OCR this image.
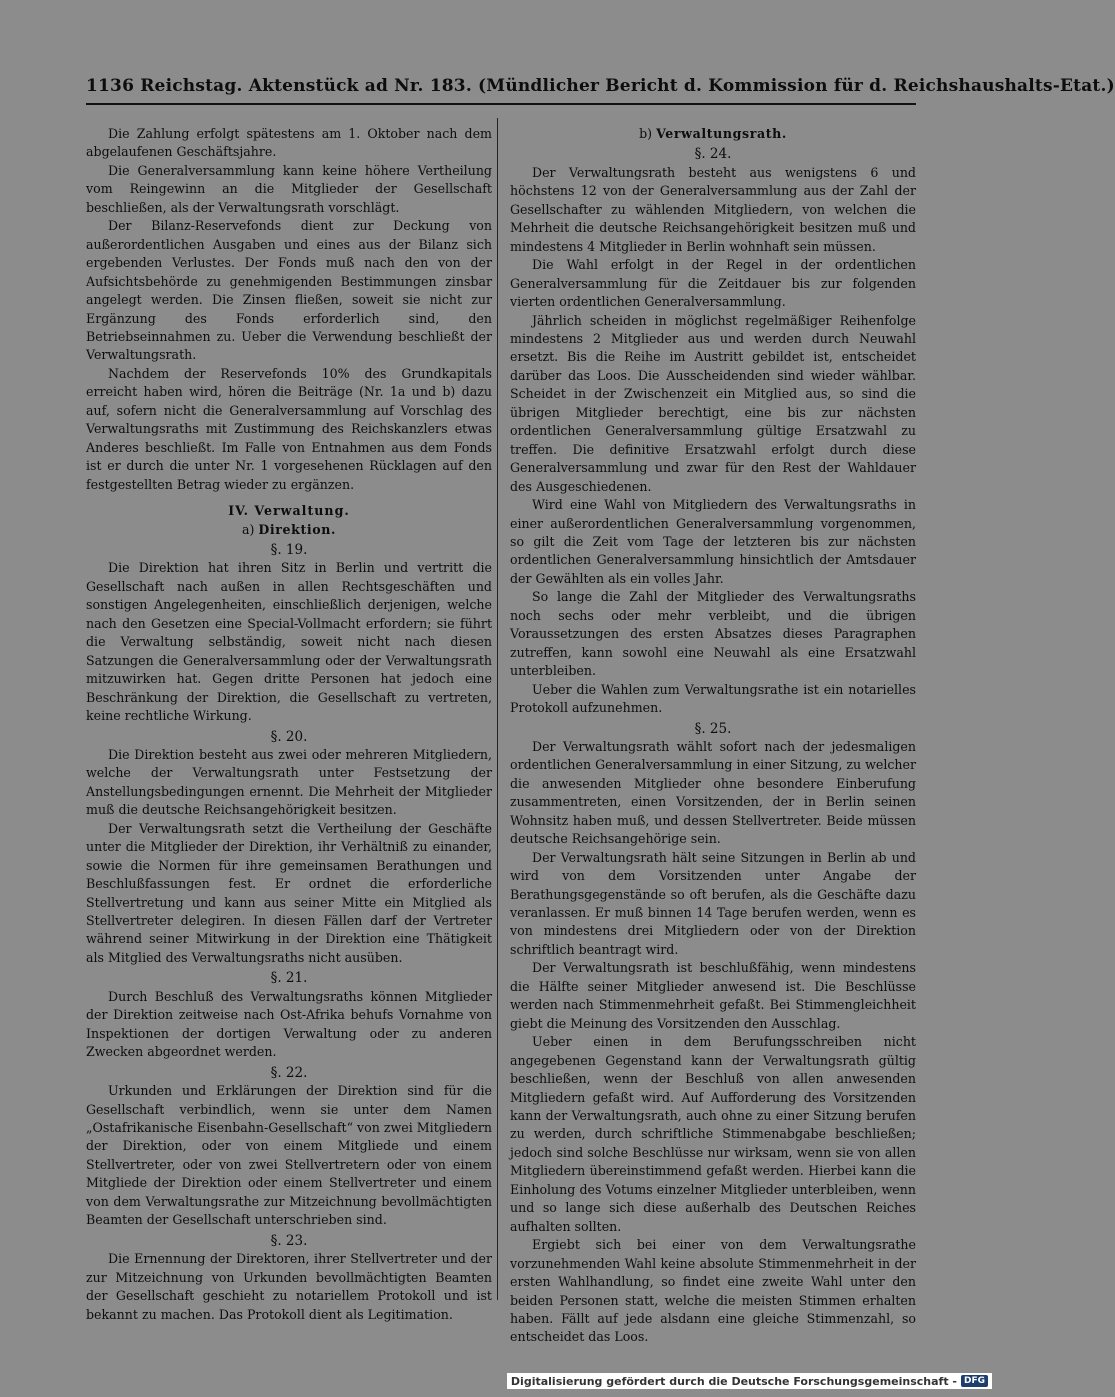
1136 Reichstag. Aktenstück ad Nr. 183. (Mündlicher Bericht d. Kommission für d. Reichshaushalts-Etat.)

Die Zahlung erfolgt spätestens am 1. Oktober nach dem abgelaufenen Geschäftsjahre.

Die Generalversammlung kann keine höhere Vertheilung vom Reingewinn an die Mitglieder der Gesellschaft beschließen, als der Verwaltungsrath vorschlägt.

Der Bilanz-Reservefonds dient zur Deckung von außerordentlichen Ausgaben und eines aus der Bilanz sich ergebenden Verlustes. Der Fonds muß nach den von der Aufsichtsbehörde zu genehmigenden Bestimmungen zinsbar angelegt werden. Die Zinsen fließen, soweit sie nicht zur Ergänzung des Fonds erforderlich sind, den Betriebseinnahmen zu. Ueber die Verwendung beschließt der Verwaltungsrath.

Nachdem der Reservefonds 10% des Grundkapitals erreicht haben wird, hören die Beiträge (Nr. 1a und b) dazu auf, sofern nicht die Generalversammlung auf Vorschlag des Verwaltungsraths mit Zustimmung des Reichskanzlers etwas Anderes beschließt. Im Falle von Entnahmen aus dem Fonds ist er durch die unter Nr. 1 vorgesehenen Rücklagen auf den festgestellten Betrag wieder zu ergänzen.

IV. Verwaltung.

a) Direktion.

§. 19.

Die Direktion hat ihren Sitz in Berlin und vertritt die Gesellschaft nach außen in allen Rechtsgeschäften und sonstigen Angelegenheiten, einschließlich derjenigen, welche nach den Gesetzen eine Special-Vollmacht erfordern; sie führt die Verwaltung selbständig, soweit nicht nach diesen Satzungen die Generalversammlung oder der Verwaltungsrath mitzuwirken hat. Gegen dritte Personen hat jedoch eine Beschränkung der Direktion, die Gesellschaft zu vertreten, keine rechtliche Wirkung.

§. 20.

Die Direktion besteht aus zwei oder mehreren Mitgliedern, welche der Verwaltungsrath unter Festsetzung der Anstellungsbedingungen ernennt. Die Mehrheit der Mitglieder muß die deutsche Reichsangehörigkeit besitzen.

Der Verwaltungsrath setzt die Vertheilung der Geschäfte unter die Mitglieder der Direktion, ihr Verhältniß zu einander, sowie die Normen für ihre gemeinsamen Berathungen und Beschlußfassungen fest. Er ordnet die erforderliche Stellvertretung und kann aus seiner Mitte ein Mitglied als Stellvertreter delegiren. In diesen Fällen darf der Vertreter während seiner Mitwirkung in der Direktion eine Thätigkeit als Mitglied des Verwaltungsraths nicht ausüben.

§. 21.

Durch Beschluß des Verwaltungsraths können Mitglieder der Direktion zeitweise nach Ost-Afrika behufs Vornahme von Inspektionen der dortigen Verwaltung oder zu anderen Zwecken abgeordnet werden.

§. 22.

Urkunden und Erklärungen der Direktion sind für die Gesellschaft verbindlich, wenn sie unter dem Namen „Ostafrikanische Eisenbahn-Gesellschaft“ von zwei Mitgliedern der Direktion, oder von einem Mitgliede und einem Stellvertreter, oder von zwei Stellvertretern oder von einem Mitgliede der Direktion oder einem Stellvertreter und einem von dem Verwaltungsrathe zur Mitzeichnung bevollmächtigten Beamten der Gesellschaft unterschrieben sind.

§. 23.

Die Ernennung der Direktoren, ihrer Stellvertreter und der zur Mitzeichnung von Urkunden bevollmächtigten Beamten der Gesellschaft geschieht zu notariellem Protokoll und ist bekannt zu machen. Das Protokoll dient als Legitimation.

b) Verwaltungsrath.

§. 24.

Der Verwaltungsrath besteht aus wenigstens 6 und höchstens 12 von der Generalversammlung aus der Zahl der Gesellschafter zu wählenden Mitgliedern, von welchen die Mehrheit die deutsche Reichsangehörigkeit besitzen muß und mindestens 4 Mitglieder in Berlin wohnhaft sein müssen.

Die Wahl erfolgt in der Regel in der ordentlichen Generalversammlung für die Zeitdauer bis zur folgenden vierten ordentlichen Generalversammlung.

Jährlich scheiden in möglichst regelmäßiger Reihenfolge mindestens 2 Mitglieder aus und werden durch Neuwahl ersetzt. Bis die Reihe im Austritt gebildet ist, entscheidet darüber das Loos. Die Ausscheidenden sind wieder wählbar. Scheidet in der Zwischenzeit ein Mitglied aus, so sind die übrigen Mitglieder berechtigt, eine bis zur nächsten ordentlichen Generalversammlung gültige Ersatzwahl zu treffen. Die definitive Ersatzwahl erfolgt durch diese Generalversammlung und zwar für den Rest der Wahldauer des Ausgeschiedenen.

Wird eine Wahl von Mitgliedern des Verwaltungsraths in einer außerordentlichen Generalversammlung vorgenommen, so gilt die Zeit vom Tage der letzteren bis zur nächsten ordentlichen Generalversammlung hinsichtlich der Amtsdauer der Gewählten als ein volles Jahr.

So lange die Zahl der Mitglieder des Verwaltungsraths noch sechs oder mehr verbleibt, und die übrigen Voraussetzungen des ersten Absatzes dieses Paragraphen zutreffen, kann sowohl eine Neuwahl als eine Ersatzwahl unterbleiben.

Ueber die Wahlen zum Verwaltungsrathe ist ein notarielles Protokoll aufzunehmen.

§. 25.

Der Verwaltungsrath wählt sofort nach der jedesmaligen ordentlichen Generalversammlung in einer Sitzung, zu welcher die anwesenden Mitglieder ohne besondere Einberufung zusammentreten, einen Vorsitzenden, der in Berlin seinen Wohnsitz haben muß, und dessen Stellvertreter. Beide müssen deutsche Reichsangehörige sein.

Der Verwaltungsrath hält seine Sitzungen in Berlin ab und wird von dem Vorsitzenden unter Angabe der Berathungsgegenstände so oft berufen, als die Geschäfte dazu veranlassen. Er muß binnen 14 Tage berufen werden, wenn es von mindestens drei Mitgliedern oder von der Direktion schriftlich beantragt wird.

Der Verwaltungsrath ist beschlußfähig, wenn mindestens die Hälfte seiner Mitglieder anwesend ist. Die Beschlüsse werden nach Stimmenmehrheit gefaßt. Bei Stimmengleichheit giebt die Meinung des Vorsitzenden den Ausschlag.

Ueber einen in dem Berufungsschreiben nicht angegebenen Gegenstand kann der Verwaltungsrath gültig beschließen, wenn der Beschluß von allen anwesenden Mitgliedern gefaßt wird. Auf Aufforderung des Vorsitzenden kann der Verwaltungsrath, auch ohne zu einer Sitzung berufen zu werden, durch schriftliche Stimmenabgabe beschließen; jedoch sind solche Beschlüsse nur wirksam, wenn sie von allen Mitgliedern übereinstimmend gefaßt werden. Hierbei kann die Einholung des Votums einzelner Mitglieder unterbleiben, wenn und so lange sich diese außerhalb des Deutschen Reiches aufhalten sollten.

Ergiebt sich bei einer von dem Verwaltungsrathe vorzunehmenden Wahl keine absolute Stimmenmehrheit in der ersten Wahlhandlung, so findet eine zweite Wahl unter den beiden Personen statt, welche die meisten Stimmen erhalten haben. Fällt auf jede alsdann eine gleiche Stimmenzahl, so entscheidet das Loos.

Digitalisierung gefördert durch die Deutsche Forschungsgemeinschaft - DFG
